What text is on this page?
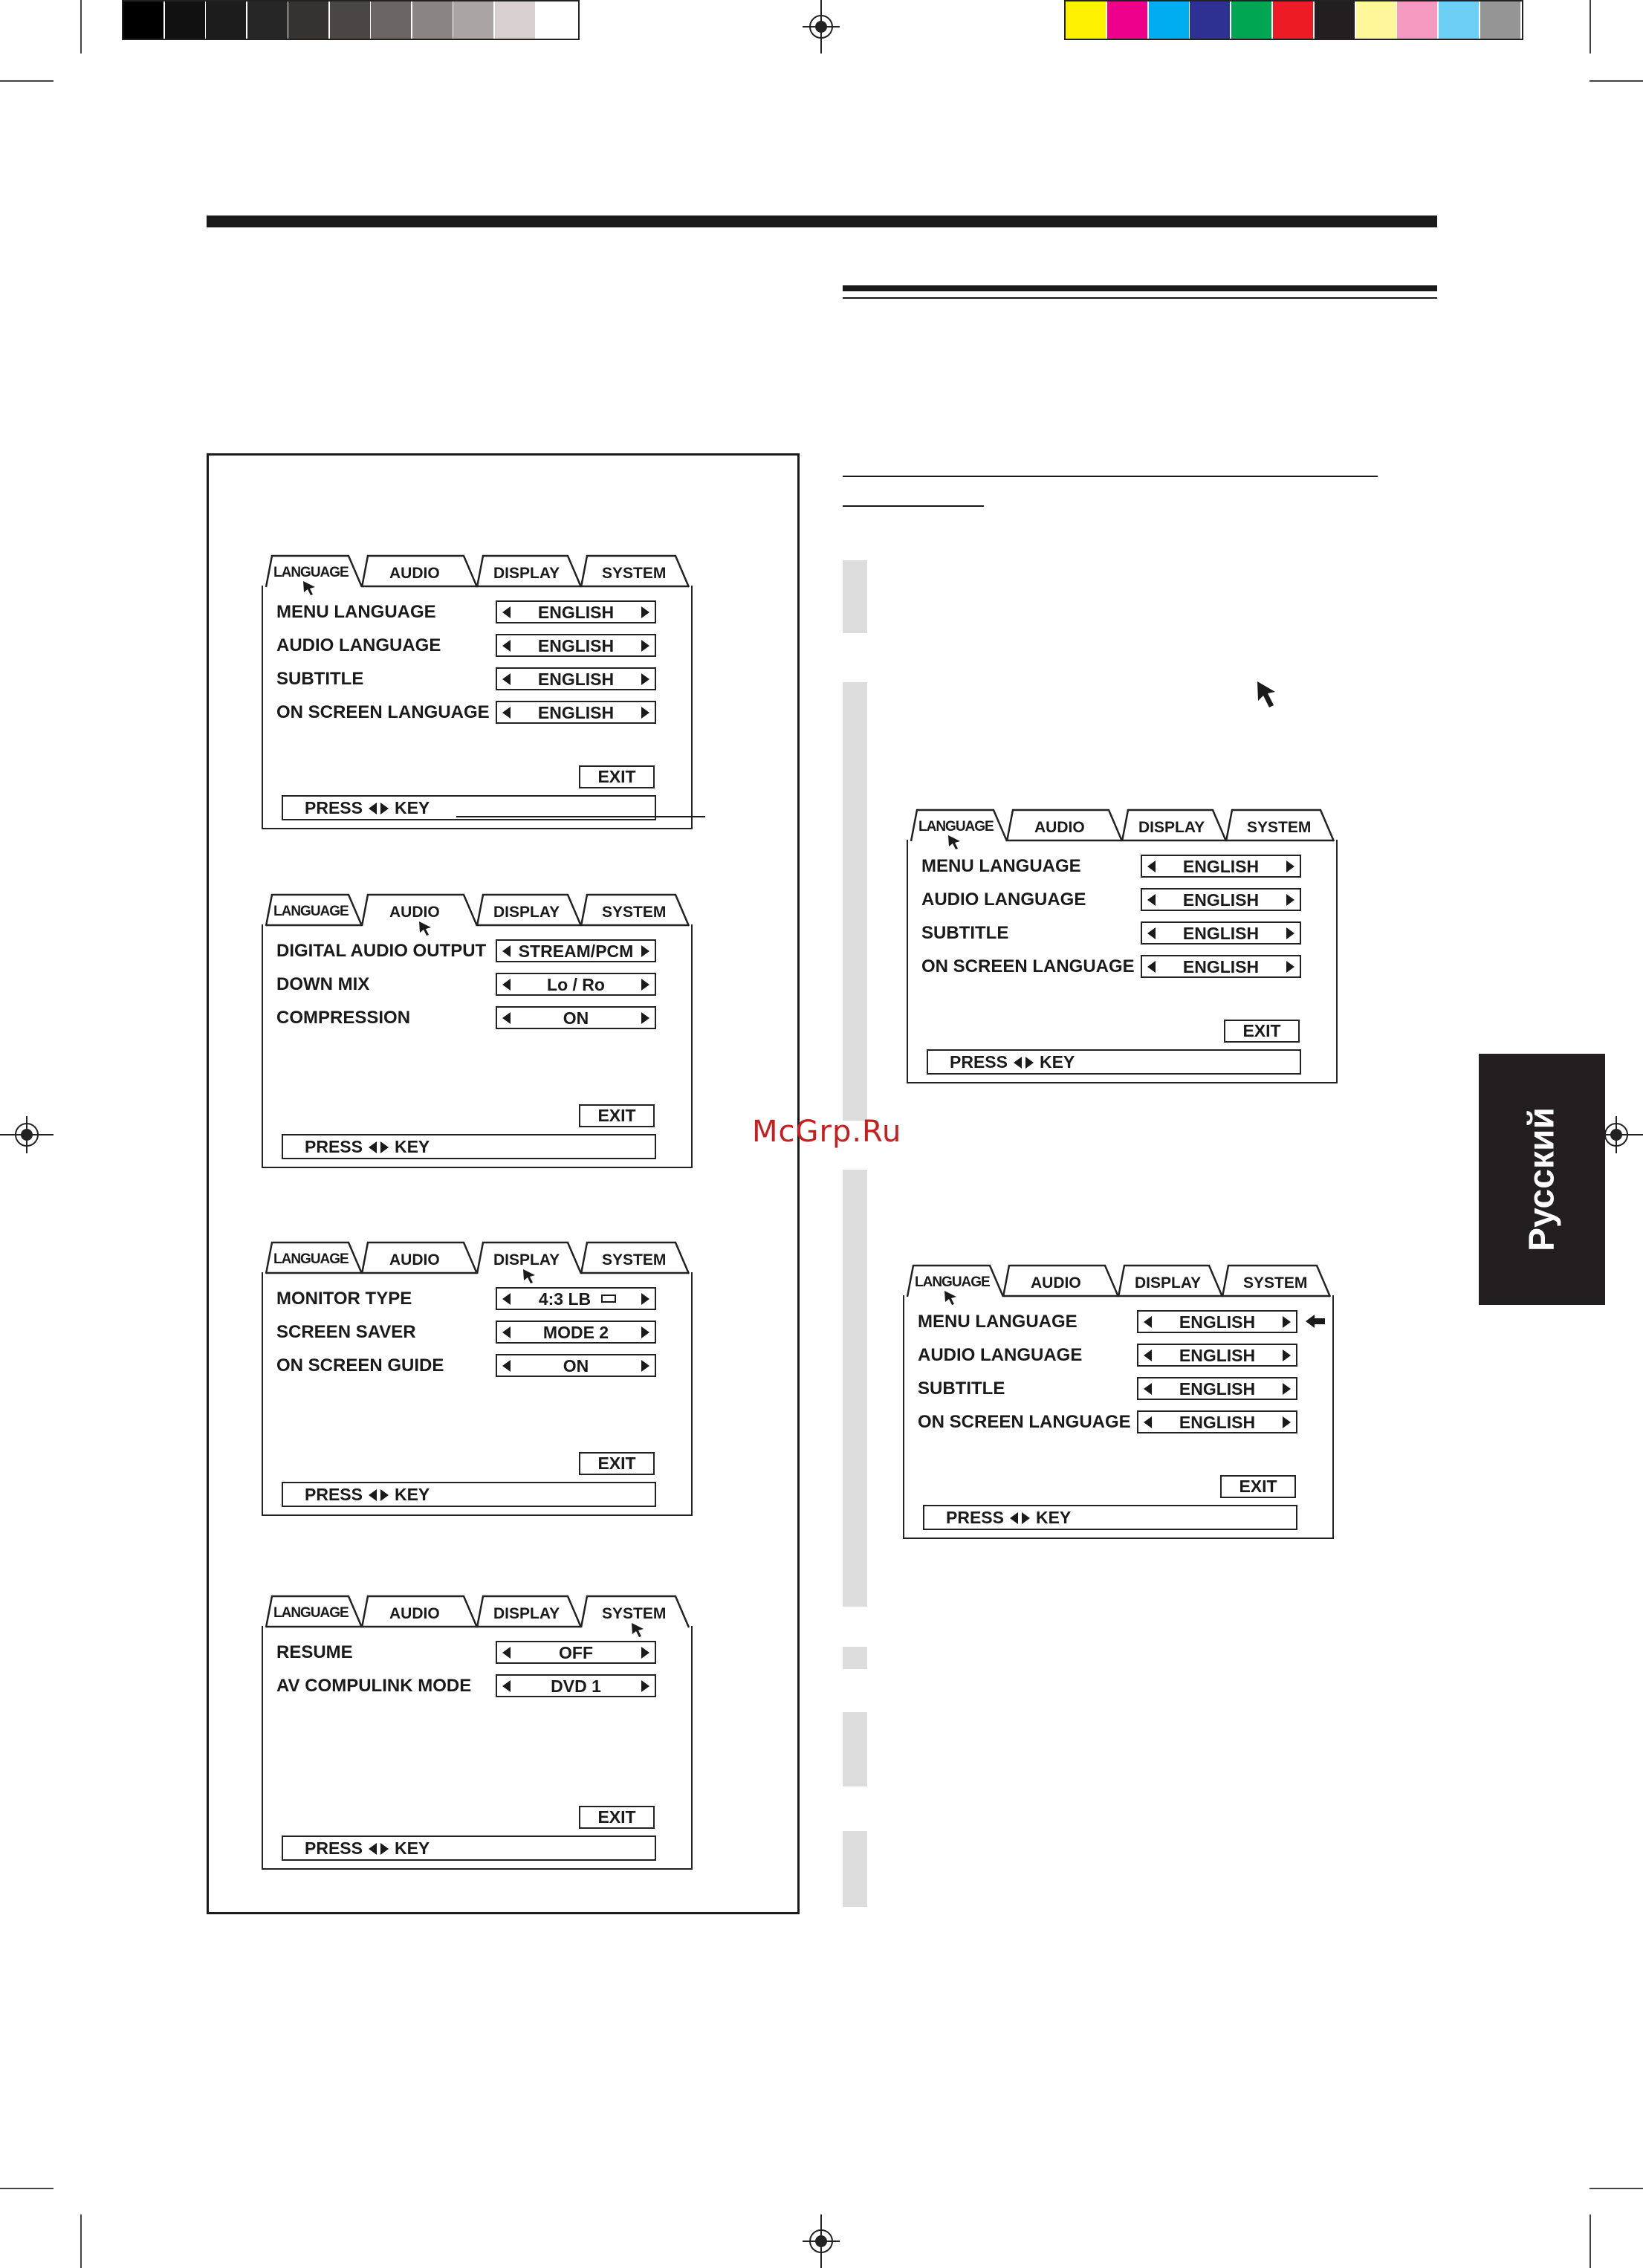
LANGUAGE	AUDIO	DISPLAY	SYSTEM
MENU LANGUAGE	ENGLISH
AUDIO LANGUAGE	ENGLISH
SUBTITLE	ENGLISH
ON SCREEN LANGUAGE	ENGLISH
EXIT
PRESS KEY
LANGUAGE	AUDIO	DISPLAY	SYSTEM
DIGITAL AUDIO OUTPUT	STREAM/PCM
DOWN MIX	Lo / Ro
COMPRESSION	ON
EXIT
PRESS KEY
LANGUAGE	AUDIO	DISPLAY	SYSTEM
MONITOR TYPE	4:3 LB
SCREEN SAVER	MODE 2
ON SCREEN GUIDE	ON
EXIT
PRESS KEY
LANGUAGE	AUDIO	DISPLAY	SYSTEM
RESUME	OFF
AV COMPULINK MODE	DVD 1
EXIT
PRESS KEY
LANGUAGE	AUDIO	DISPLAY	SYSTEM
MENU LANGUAGE	ENGLISH
AUDIO LANGUAGE	ENGLISH
SUBTITLE	ENGLISH
ON SCREEN LANGUAGE	ENGLISH
EXIT
PRESS KEY
LANGUAGE	AUDIO	DISPLAY	SYSTEM
MENU LANGUAGE	ENGLISH
AUDIO LANGUAGE	ENGLISH
SUBTITLE	ENGLISH
ON SCREEN LANGUAGE	ENGLISH
EXIT
PRESS KEY
McGrp.Ru	Русский
